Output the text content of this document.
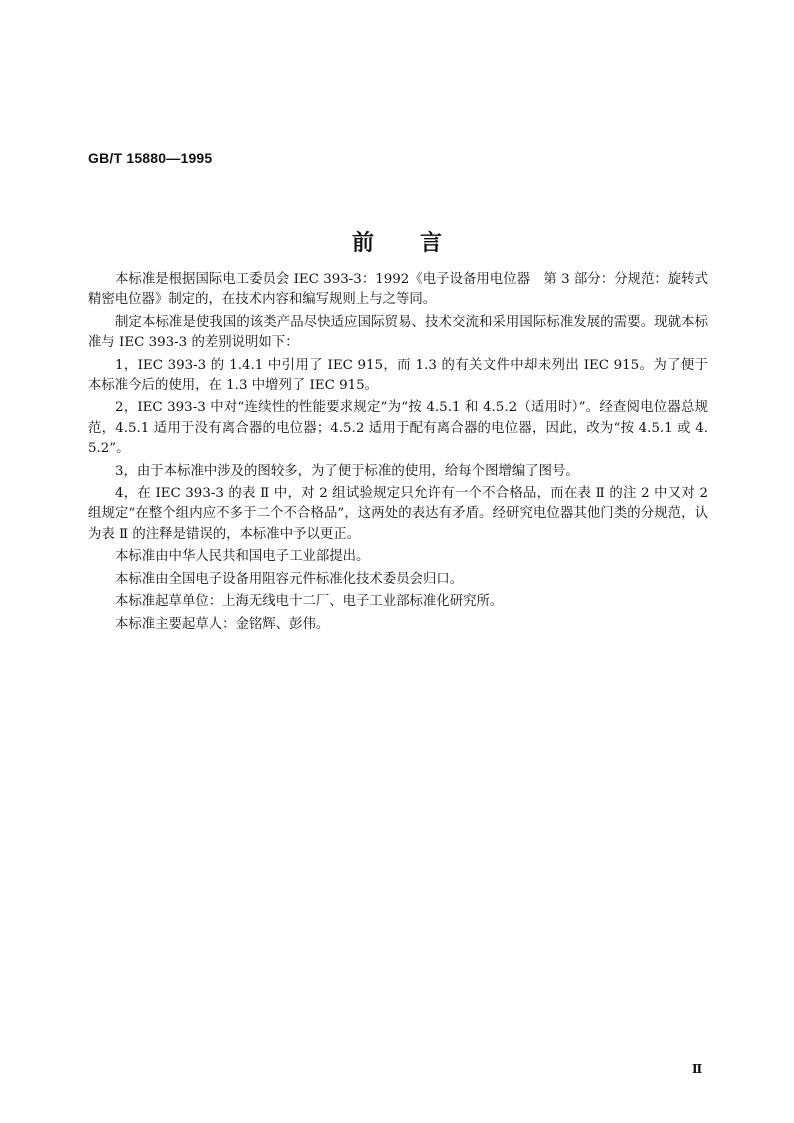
GB/T 15880—1995
前 言

本标准是根据国际电工委员会 IEC 393-3：1992《电子设备用电位器　第 3 部分：分规范：旋转式精密电位器》制定的，在技术内容和编写规则上与之等同。

制定本标准是使我国的该类产品尽快适应国际贸易、技术交流和采用国际标准发展的需要。现就本标准与 IEC 393-3 的差别说明如下：

1，IEC 393-3 的 1.4.1 中引用了 IEC 915，而 1.3 的有关文件中却未列出 IEC 915。为了便于本标准今后的使用，在 1.3 中增列了 IEC 915。

2，IEC 393-3 中对“连续性的性能要求规定”为“按 4.5.1 和 4.5.2（适用时）”。经查阅电位器总规范，4.5.1 适用于没有离合器的电位器；4.5.2 适用于配有离合器的电位器，因此，改为“按 4.5.1 或 4.5.2”。

3，由于本标准中涉及的图较多，为了便于标准的使用，给每个图增编了图号。

4，在 IEC 393-3 的表 Ⅱ 中，对 2 组试验规定只允许有一个不合格品，而在表 Ⅱ 的注 2 中又对 2 组规定“在整个组内应不多于二个不合格品”，这两处的表达有矛盾。经研究电位器其他门类的分规范，认为表 Ⅱ 的注释是错误的，本标准中予以更正。

本标准由中华人民共和国电子工业部提出。

本标准由全国电子设备用阻容元件标准化技术委员会归口。

本标准起草单位：上海无线电十二厂、电子工业部标准化研究所。

本标准主要起草人：金铭辉、彭伟。

Ⅱ
